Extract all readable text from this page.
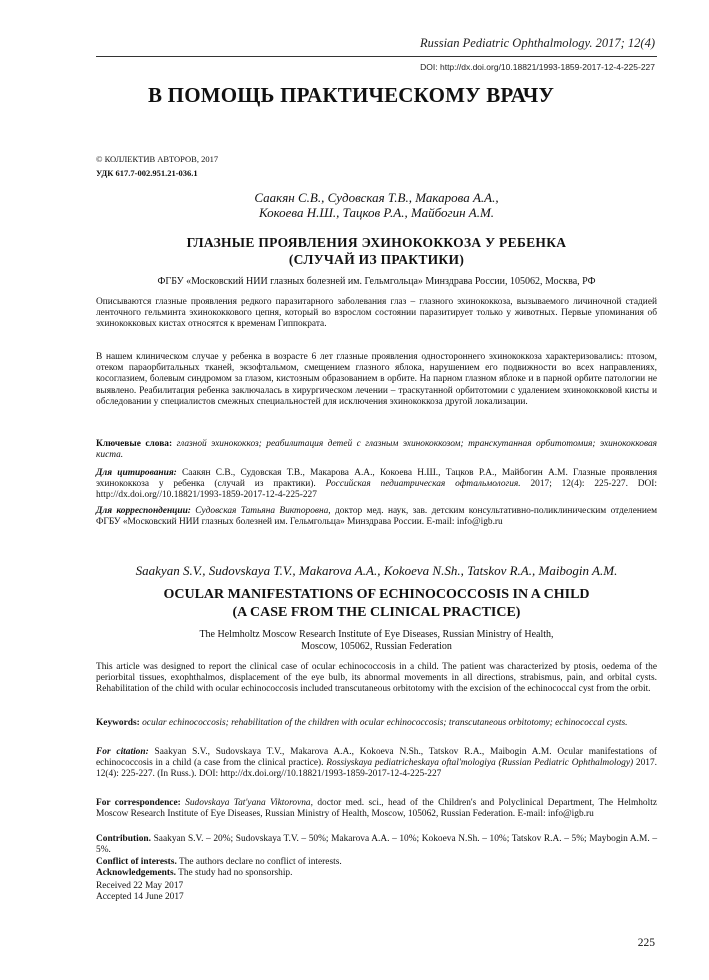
Russian Pediatric Ophthalmology. 2017; 12(4)
DOI: http://dx.doi.org/10.18821/1993-1859-2017-12-4-225-227
В ПОМОЩЬ ПРАКТИЧЕСКОМУ ВРАЧУ
© КОЛЛЕКТИВ АВТОРОВ, 2017
УДК 617.7-002.951.21-036.1
Саакян С.В., Судовская Т.В., Макарова А.А.,
Кокоева Н.Ш., Тацков Р.А., Майбогин А.М.
ГЛАЗНЫЕ ПРОЯВЛЕНИЯ ЭХИНОКОККОЗА У РЕБЕНКА
(СЛУЧАЙ ИЗ ПРАКТИКИ)
ФГБУ «Московский НИИ глазных болезней им. Гельмгольца» Минздрава России, 105062, Москва, РФ
Описываются глазные проявления редкого паразитарного заболевания глаз – глазного эхинококкоза, вызываемого личиночной стадией ленточного гельминта эхинококкового цепня, который во взрослом состоянии паразитирует только у животных. Первые упоминания об эхинококковых кистах относятся к временам Гиппократа.
В нашем клиническом случае у ребенка в возрасте 6 лет глазные проявления одностороннего эхинококкоза характеризовались: птозом, отеком параорбитальных тканей, экзофтальмом, смещением глазного яблока, нарушением его подвижности во всех направлениях, косоглазием, болевым синдромом за глазом, кистозным образованием в орбите. На парном глазном яблоке и в парной орбите патологии не выявлено. Реабилитация ребенка заключалась в хирургическом лечении – траскутанной орбитотомии с удалением эхинококковой кисты и обследовании у специалистов смежных специальностей для исключения эхинококкоза другой локализации.
Ключевые слова: глазной эхинококкоз; реабилитация детей с глазным эхинококкозом; транскутанная орбитотомия; эхинококковая киста.
Для цитирования: Саакян С.В., Судовская Т.В., Макарова А.А., Кокоева Н.Ш., Тацков Р.А., Майбогин А.М. Глазные проявления эхинококкоза у ребенка (случай из практики). Российская педиатрическая офтальмология. 2017; 12(4): 225-227. DOI: http://dx.doi.org//10.18821/1993-1859-2017-12-4-225-227
Для корреспонденции: Судовская Татьяна Викторовна, доктор мед. наук, зав. детским консультативно-поликлиническим отделением ФГБУ «Московский НИИ глазных болезней им. Гельмгольца» Минздрава России. E-mail: info@igb.ru
Saakyan S.V., Sudovskaya T.V., Makarova A.A., Kokoeva N.Sh., Tatskov R.A., Maibogin A.M.
OCULAR MANIFESTATIONS OF ECHINOCOCCOSIS IN A CHILD
(A CASE FROM THE CLINICAL PRACTICE)
The Helmholtz Moscow Research Institute of Eye Diseases, Russian Ministry of Health,
Moscow, 105062, Russian Federation
This article was designed to report the clinical case of ocular echinococcosis in a child. The patient was characterized by ptosis, oedema of the periorbital tissues, exophthalmos, displacement of the eye bulb, its abnormal movements in all directions, strabismus, pain, and orbital cysts. Rehabilitation of the child with ocular echinococcosis included transcutaneous orbitotomy with the excision of the echinococcal cyst from the orbit.
Keywords: ocular echinococcosis; rehabilitation of the children with ocular echinococcosis; transcutaneous orbitotomy; echinococcal cysts.
For citation: Saakyan S.V., Sudovskaya T.V., Makarova A.A., Kokoeva N.Sh., Tatskov R.A., Maibogin A.M. Ocular manifestations of echinococcosis in a child (a case from the clinical practice). Rossiyskaya pediatricheskaya oftal'mologiya (Russian Pediatric Ophthalmology) 2017. 12(4): 225-227. (In Russ.). DOI: http://dx.doi.org//10.18821/1993-1859-2017-12-4-225-227
For correspondence: Sudovskaya Tat'yana Viktorovna, doctor med. sci., head of the Children's and Polyclinical Department, The Helmholtz Moscow Research Institute of Eye Diseases, Russian Ministry of Health, Moscow, 105062, Russian Federation. E-mail: info@igb.ru
Contribution. Saakyan S.V. – 20%; Sudovskaya T.V. – 50%; Makarova A.A. – 10%; Kokoeva N.Sh. – 10%; Tatskov R.A. – 5%; Maybogin A.M. – 5%.
Conflict of interests. The authors declare no conflict of interests.
Acknowledgements. The study had no sponsorship.
Received 22 May 2017
Accepted 14 June 2017
225
